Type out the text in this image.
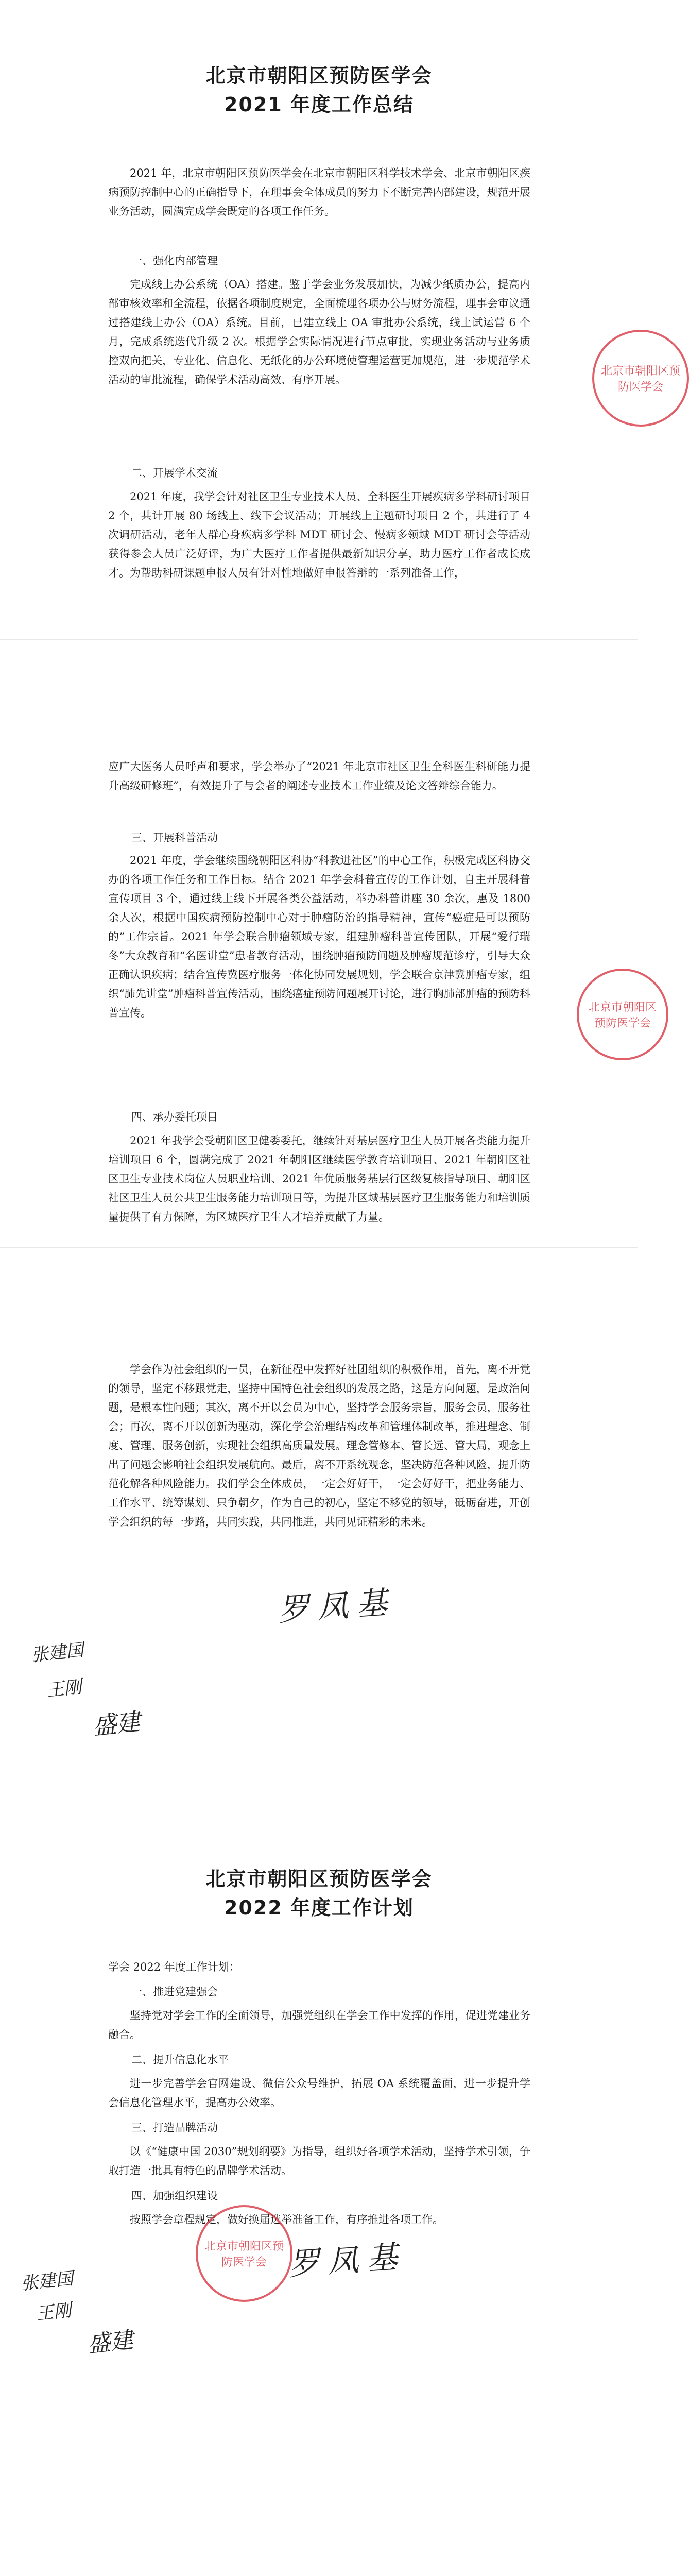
北京市朝阳区预防医学会
2021 年度工作总结
北京市朝阳区预防医学会

2021 年，北京市朝阳区预防医学会在北京市朝阳区科学技术学会、北京市朝阳区疾病预防控制中心的正确指导下，在理事会全体成员的努力下不断完善内部建设，规范开展业务活动，圆满完成学会既定的各项工作任务。

一、强化内部管理

完成线上办公系统（OA）搭建。鉴于学会业务发展加快，为减少纸质办公，提高内部审核效率和全流程，依据各项制度规定，全面梳理各项办公与财务流程，理事会审议通过搭建线上办公（OA）系统。目前，已建立线上 OA 审批办公系统，线上试运营 6 个月，完成系统迭代升级 2 次。根据学会实际情况进行节点审批，实现业务活动与业务质控双向把关，专业化、信息化、无纸化的办公环境使管理运营更加规范，进一步规范学术活动的审批流程，确保学术活动高效、有序开展。

二、开展学术交流

2021 年度，我学会针对社区卫生专业技术人员、全科医生开展疾病多学科研讨项目 2 个，共计开展 80 场线上、线下会议活动；开展线上主题研讨项目 2 个，共进行了 4 次调研活动，老年人群心身疾病多学科 MDT 研讨会、慢病多领域 MDT 研讨会等活动获得参会人员广泛好评，为广大医疗工作者提供最新知识分享，助力医疗工作者成长成才。为帮助科研课题申报人员有针对性地做好申报答辩的一系列准备工作，

应广大医务人员呼声和要求，学会举办了“2021 年北京市社区卫生全科医生科研能力提升高级研修班”，有效提升了与会者的阐述专业技术工作业绩及论文答辩综合能力。

三、开展科普活动

2021 年度，学会继续围绕朝阳区科协“科教进社区”的中心工作，积极完成区科协交办的各项工作任务和工作目标。结合 2021 年学会科普宣传的工作计划，自主开展科普宣传项目 3 个，通过线上线下开展各类公益活动，举办科普讲座 30 余次，惠及 1800 余人次，根据中国疾病预防控制中心对于肿瘤防治的指导精神，宣传“癌症是可以预防的”工作宗旨。2021 年学会联合肿瘤领域专家，组建肿瘤科普宣传团队，开展“爱行瑞冬”大众教育和“名医讲堂”患者教育活动，围绕肿瘤预防问题及肿瘤规范诊疗，引导大众正确认识疾病；结合宣传冀医疗服务一体化协同发展规划，学会联合京津冀肿瘤专家，组织“肺先讲堂”肿瘤科普宣传活动，围绕癌症预防问题展开讨论，进行胸肺部肿瘤的预防科普宣传。	北京市朝阳区预防医学会

四、承办委托项目

2021 年我学会受朝阳区卫健委委托，继续针对基层医疗卫生人员开展各类能力提升培训项目 6 个，圆满完成了 2021 年朝阳区继续医学教育培训项目、2021 年朝阳区社区卫生专业技术岗位人员职业培训、2021 年优质服务基层行区级复核指导项目、朝阳区社区卫生人员公共卫生服务能力培训项目等，为提升区域基层医疗卫生服务能力和培训质量提供了有力保障，为区域医疗卫生人才培养贡献了力量。

学会作为社会组织的一员，在新征程中发挥好社团组织的积极作用，首先，离不开党的领导，坚定不移跟党走，坚持中国特色社会组织的发展之路，这是方向问题，是政治问题，是根本性问题；其次，离不开以会员为中心，坚持学会服务宗旨，服务会员，服务社会；再次，离不开以创新为驱动，深化学会治理结构改革和管理体制改革，推进理念、制度、管理、服务创新，实现社会组织高质量发展。理念管修本、管长远、管大局，观念上出了问题会影响社会组织发展航向。最后，离不开系统观念，坚决防范各种风险，提升防范化解各种风险能力。我们学会全体成员，一定会好好干，一定会好好干，把业务能力、工作水平、统筹谋划、只争朝夕，作为自己的初心，坚定不移党的领导，砥砺奋进，开创学会组织的每一步路，共同实践，共同推进，共同见证精彩的未来。

罗凤基
张建国
王刚
盛建
北京市朝阳区预防医学会
2022 年度工作计划

学会 2022 年度工作计划：

一、推进党建强会

坚持党对学会工作的全面领导，加强党组织在学会工作中发挥的作用，促进党建业务融合。

二、提升信息化水平

进一步完善学会官网建设、微信公众号维护，拓展 OA 系统覆盖面，进一步提升学会信息化管理水平，提高办公效率。

三、打造品牌活动

以《“健康中国 2030”规划纲要》为指导，组织好各项学术活动，坚持学术引领，争取打造一批具有特色的品牌学术活动。

四、加强组织建设

按照学会章程规定，做好换届选举准备工作，有序推进各项工作。

北京市朝阳区预防医学会 罗凤基
张建国
王刚
盛建
